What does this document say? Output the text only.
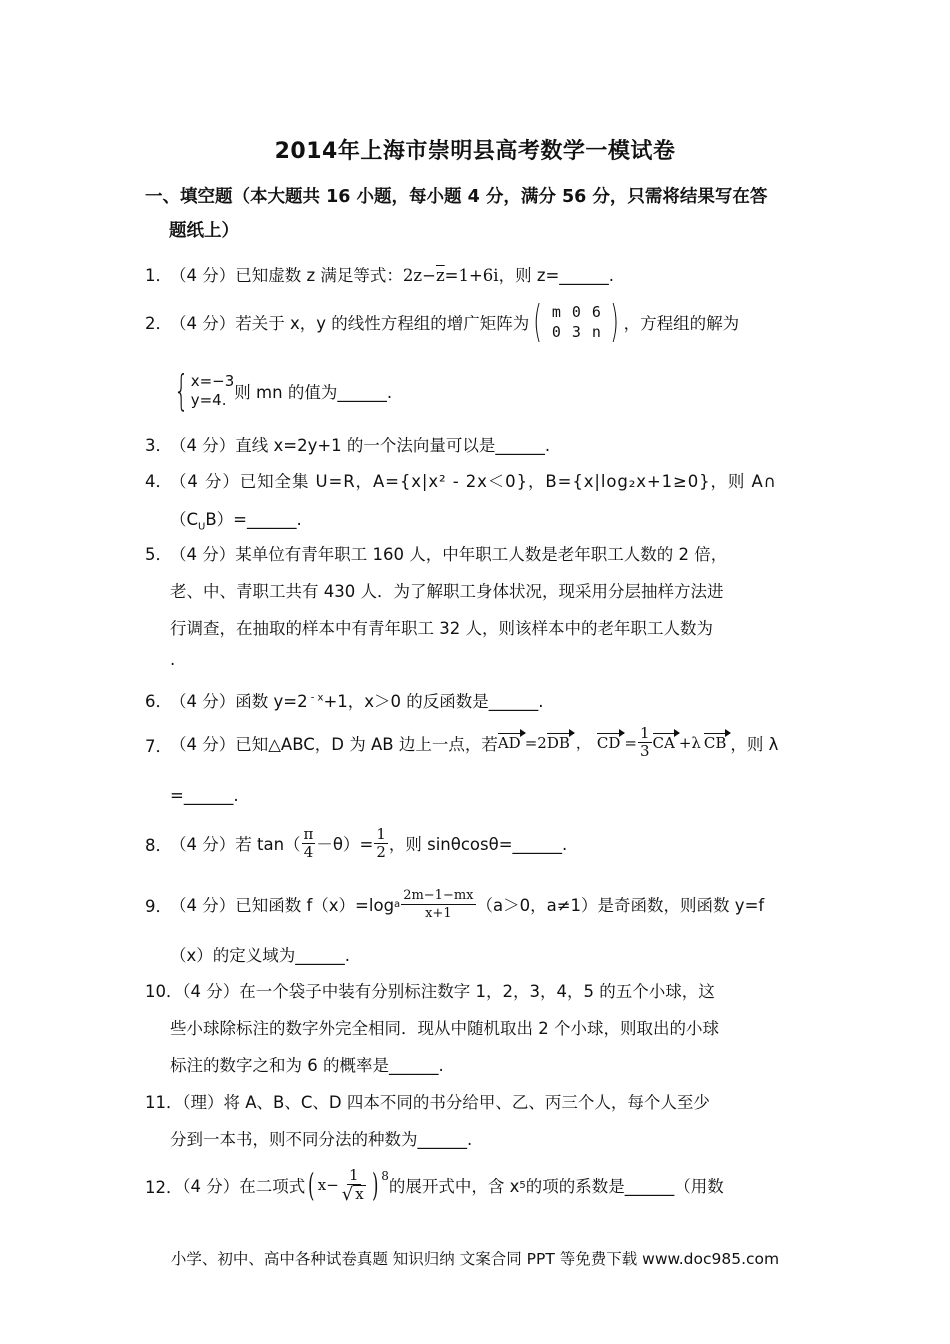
2014年上海市崇明县高考数学一模试卷
一、填空题（本大题共 16 小题，每小题 4 分，满分 56 分，只需将结果写在答
题纸上）
1．
（4 分）已知虚数 z 满足等式：$2z-\overline{z}=1+6i$，则 z=______.
2．
（4 分）若关于 x，y 的线性方程组的增广矩阵为 ( m 0 6
0 3 n ) ，方程组的解为
{ x=−3
y=4. 则 mn 的值为______.
3．
（4 分）直线 x=2y+1 的一个法向量可以是______.
4．
（4 分）已知全集 U=R，A={x|x² - 2x＜0}，B={x|log₂x+1≥0}，则 A∩
$(C_UB)=\_\_\_\_\_\_$.
5．
（4 分）某单位有青年职工 160 人，中年职工人数是老年职工人数的 2 倍，
老、中、青职工共有 430 人．为了解职工身体状况，现采用分层抽样方法进
行调查，在抽取的样本中有青年职工 32 人，则该样本中的老年职工人数为
.
6．
（4 分）函数 y=2 $^{- x}$+1，x＞0 的反函数是______.
7．
（4 分）已知△ABC，D 为 AB 边上一点，若 AD =2 DB ， CD = $\frac{1}{3}$ CA +λ CB ，则 λ
=______.
8．
（4 分）若 $\tan( \frac{\pi}{4} -\theta)= \frac{1}{2}$ ，则 sinθcosθ=______.
9．
（4 分）已知函数 f（x）=log a $\frac{2m-1-mx}{x+1} (a>0$，a≠1）是奇函数，则函数 y=f
（x）的定义域为______.
10．
（4 分）在一个袋子中装有分别标注数字 1，2，3，4，5 的五个小球，这
些小球除标注的数字外完全相同．现从中随机取出 2 个小球，则取出的小球
标注的数字之和为 6 的概率是______.
11．
（理）将 A、B、C、D 四本不同的书分给甲、乙、丙三个人，每个人至少
分到一本书，则不同分法的种数为______.
12．
（4 分）在二项式 ( $x- \frac{1}{√ x}$ ) $^8$
的展开式中，含 x 5 的项的系数是______（用数
小学、初中、高中各种试卷真题 知识归纳 文案合同 PPT 等免费下载 www.doc985.com
